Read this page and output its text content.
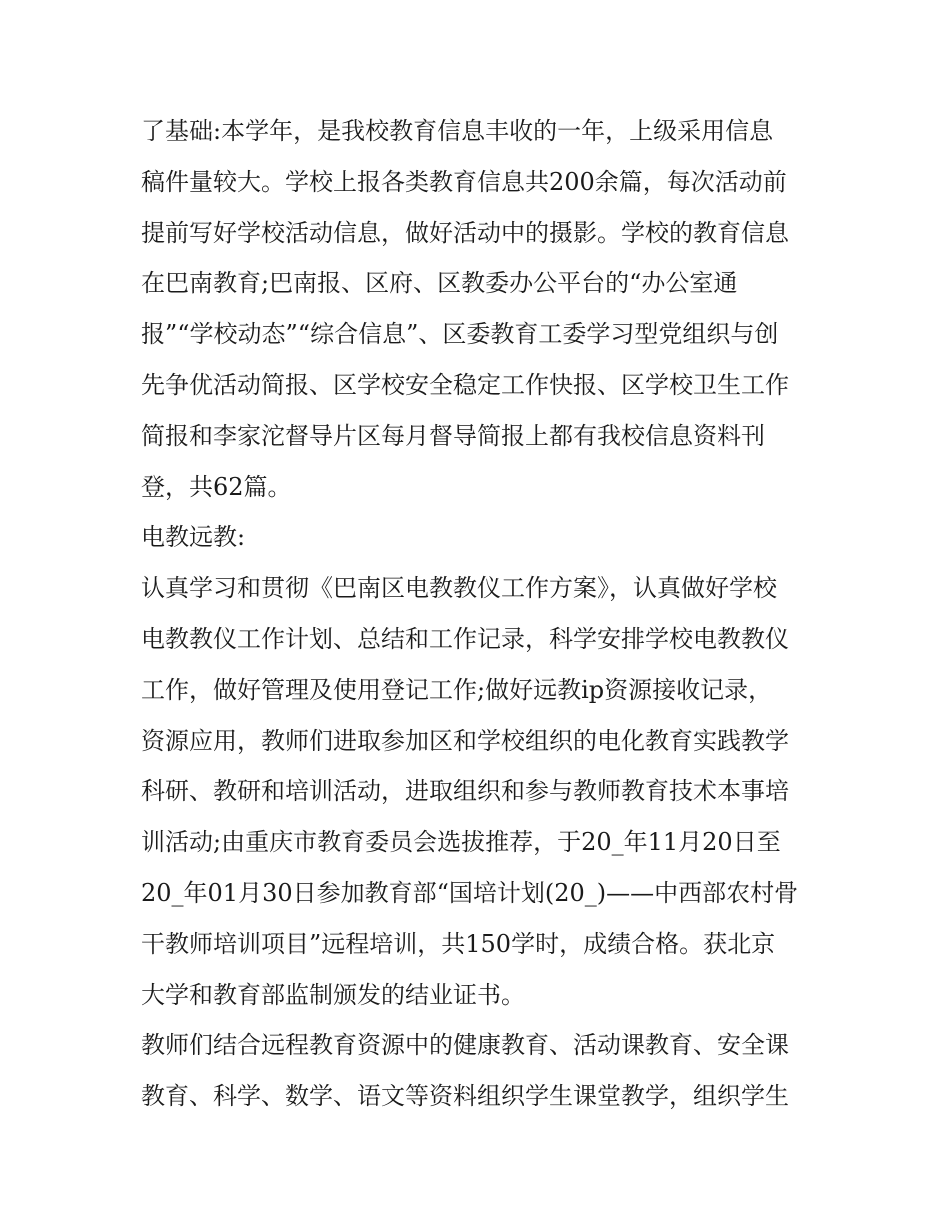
了基础:本学年，是我校教育信息丰收的一年，上级采用信息
稿件量较大。学校上报各类教育信息共200余篇，每次活动前
提前写好学校活动信息，做好活动中的摄影。学校的教育信息
在巴南教育;巴南报、区府、区教委办公平台的“办公室通
报”“学校动态”“综合信息”、区委教育工委学习型党组织与创
先争优活动简报、区学校安全稳定工作快报、区学校卫生工作
简报和李家沱督导片区每月督导简报上都有我校信息资料刊
登，共62篇。
电教远教:
认真学习和贯彻《巴南区电教教仪工作方案》，认真做好学校
电教教仪工作计划、总结和工作记录，科学安排学校电教教仪
工作，做好管理及使用登记工作;做好远教ip资源接收记录，
资源应用，教师们进取参加区和学校组织的电化教育实践教学
科研、教研和培训活动，进取组织和参与教师教育技术本事培
训活动;由重庆市教育委员会选拔推荐，于20_年11月20日至
20_年01月30日参加教育部“国培计划(20_)——中西部农村骨
干教师培训项目”远程培训，共150学时，成绩合格。获北京
大学和教育部监制颁发的结业证书。
教师们结合远程教育资源中的健康教育、活动课教育、安全课
教育、科学、数学、语文等资料组织学生课堂教学，组织学生
